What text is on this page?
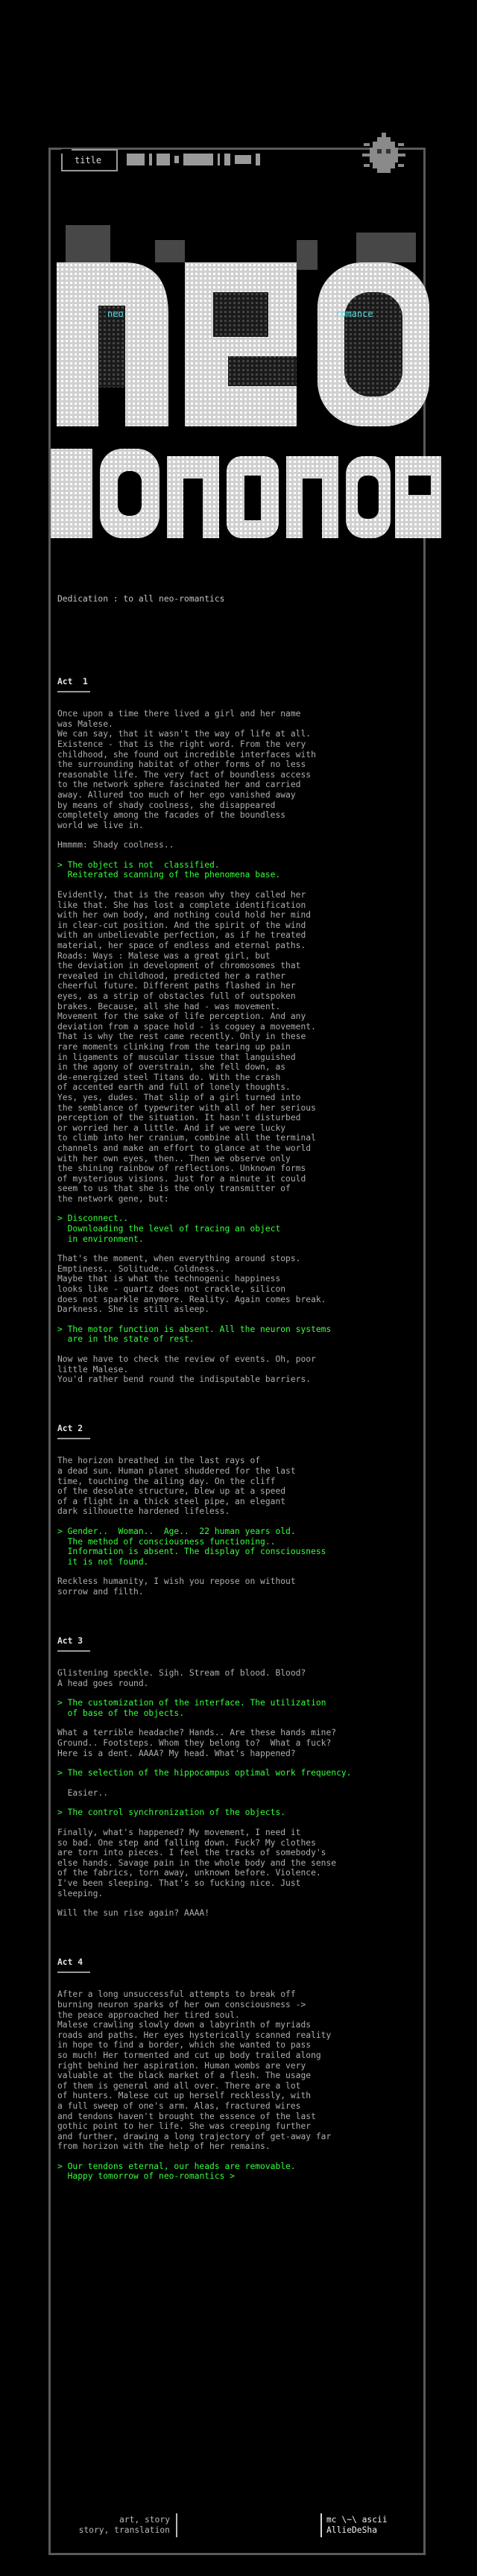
title
neo	romance

Dedication : to all neo-romantics

Act  1
Once upon a time there lived a girl and her name
was Malese.
We can say, that it wasn't the way of life at all.
Existence - that is the right word. From the very
childhood, she found out incredible interfaces with
the surrounding habitat of other forms of no less
reasonable life. The very fact of boundless access
to the network sphere fascinated her and carried
away. Allured too much of her ego vanished away
by means of shady coolness, she disappeared
completely among the facades of the boundless
world we live in.
Hmmmm: Shady coolness..
> The object is not  classified.
Reiterated scanning of the phenomena base.
Evidently, that is the reason why they called her
like that. She has lost a complete identification
with her own body, and nothing could hold her mind
in clear-cut position. And the spirit of the wind
with an unbelievable perfection, as if he treated
material, her space of endless and eternal paths.
Roads: Ways : Malese was a great girl, but
the deviation in development of chromosomes that
revealed in childhood, predicted her a rather
cheerful future. Different paths flashed in her
eyes, as a strip of obstacles full of outspoken
brakes. Because, all she had - was movement.
Movement for the sake of life perception. And any
deviation from a space hold - is coguey a movement.
That is why the rest came recently. Only in these
rare moments clinking from the tearing up pain
in ligaments of muscular tissue that languished
in the agony of overstrain, she fell down, as
de-energized steel Titans do. With the crash
of accented earth and full of lonely thoughts.
Yes, yes, dudes. That slip of a girl turned into
the semblance of typewriter with all of her serious
perception of the situation. It hasn't disturbed
or worried her a little. And if we were lucky
to climb into her cranium, combine all the terminal
channels and make an effort to glance at the world
with her own eyes, then.. Then we observe only
the shining rainbow of reflections. Unknown forms
of mysterious visions. Just for a minute it could
seem to us that she is the only transmitter of
the network gene, but:
> Disconnect..
Downloading the level of tracing an object
in environment.
That's the moment, when everything around stops.
Emptiness.. Solitude.. Coldness..
Maybe that is what the technogenic happiness
looks like - quartz does not crackle, silicon
does not sparkle anymore. Reality. Again comes break.
Darkness. She is still asleep.
> The motor function is absent. All the neuron systems
are in the state of rest.
Now we have to check the review of events. Oh, poor
little Malese.
You'd rather bend round the indisputable barriers.
Act 2
The horizon breathed in the last rays of
a dead sun. Human planet shuddered for the last
time, touching the ailing day. On the cliff
of the desolate structure, blew up at a speed
of a flight in a thick steel pipe, an elegant
dark silhouette hardened lifeless.
> Gender..  Woman..  Age..  22 human years old.
The method of consciousness functioning..
Information is absent. The display of consciousness
it is not found.
Reckless humanity, I wish you repose on without
sorrow and filth.
Act 3
Glistening speckle. Sigh. Stream of blood. Blood?
A head goes round.
> The customization of the interface. The utilization
of base of the objects.
What a terrible headache? Hands.. Are these hands mine?
Ground.. Footsteps. Whom they belong to?  What a fuck?
Here is a dent. AAAA? My head. What's happened?
> The selection of the hippocampus optimal work frequency.
Easier..
> The control synchronization of the objects.
Finally, what's happened? My movement, I need it
so bad. One step and falling down. Fuck? My clothes
are torn into pieces. I feel the tracks of somebody's
else hands. Savage pain in the whole body and the sense
of the fabrics, torn away, unknown before. Violence.
I've been sleeping. That's so fucking nice. Just
sleeping.
Will the sun rise again? AAAA!
Act 4
After a long unsuccessful attempts to break off
burning neuron sparks of her own consciousness ->
the peace approached her tired soul.
Malese crawling slowly down a labyrinth of myriads
roads and paths. Her eyes hysterically scanned reality
in hope to find a border, which she wanted to pass
so much! Her tormented and cut up body trailed along
right behind her aspiration. Human wombs are very
valuable at the black market of a flesh. The usage
of them is general and all over. There are a lot
of hunters. Malese cut up herself recklessly, with
a full sweep of one's arm. Alas, fractured wires
and tendons haven't brought the essence of the last
gothic point to her life. She was creeping further
and further, drawing a long trajectory of get-away far
from horizon with the help of her remains.
> Our tendons eternal, our heads are removable.
Happy tomorrow of neo-romantics >

art, story
story, translation
mc \~\ ascii
AllieDeSha
